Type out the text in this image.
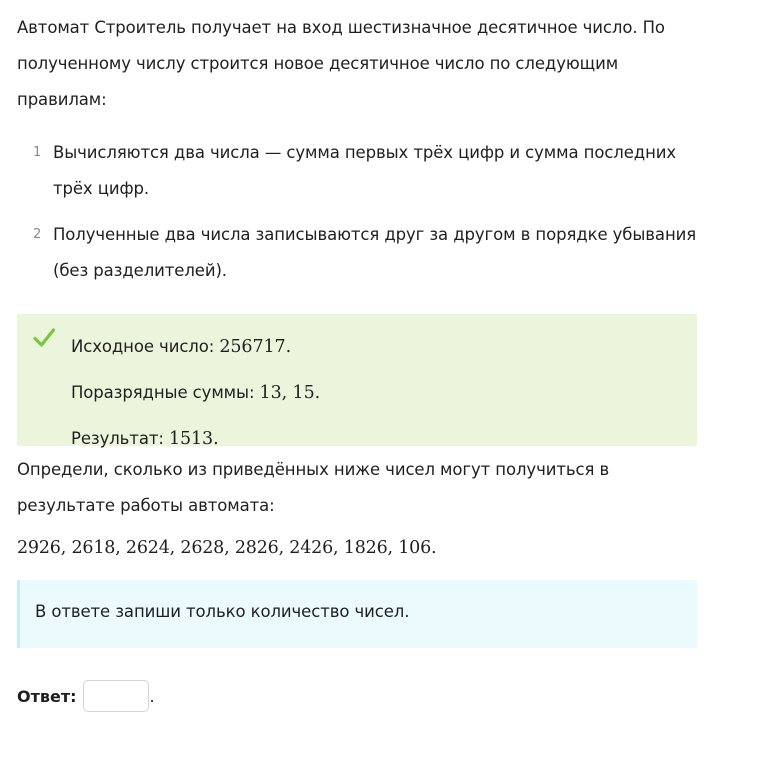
Автомат Строитель получает на вход шестизначное десятичное число. По полученному числу строится новое десятичное число по следующим правилам:

1 Вычисляются два числа — сумма первых трёх цифр и сумма последних трёх цифр.
2 Полученные два числа записываются друг за другом в порядке убывания (без разделителей).
Исходное число: 256717.
Поразрядные суммы: 13, 15.
Результат: 1513.

Определи, сколько из приведённых ниже чисел могут получиться в результате работы автомата:

2926, 2618, 2624, 2628, 2826, 2426, 1826, 106.

В ответе запиши только количество чисел.
Ответ:	.
